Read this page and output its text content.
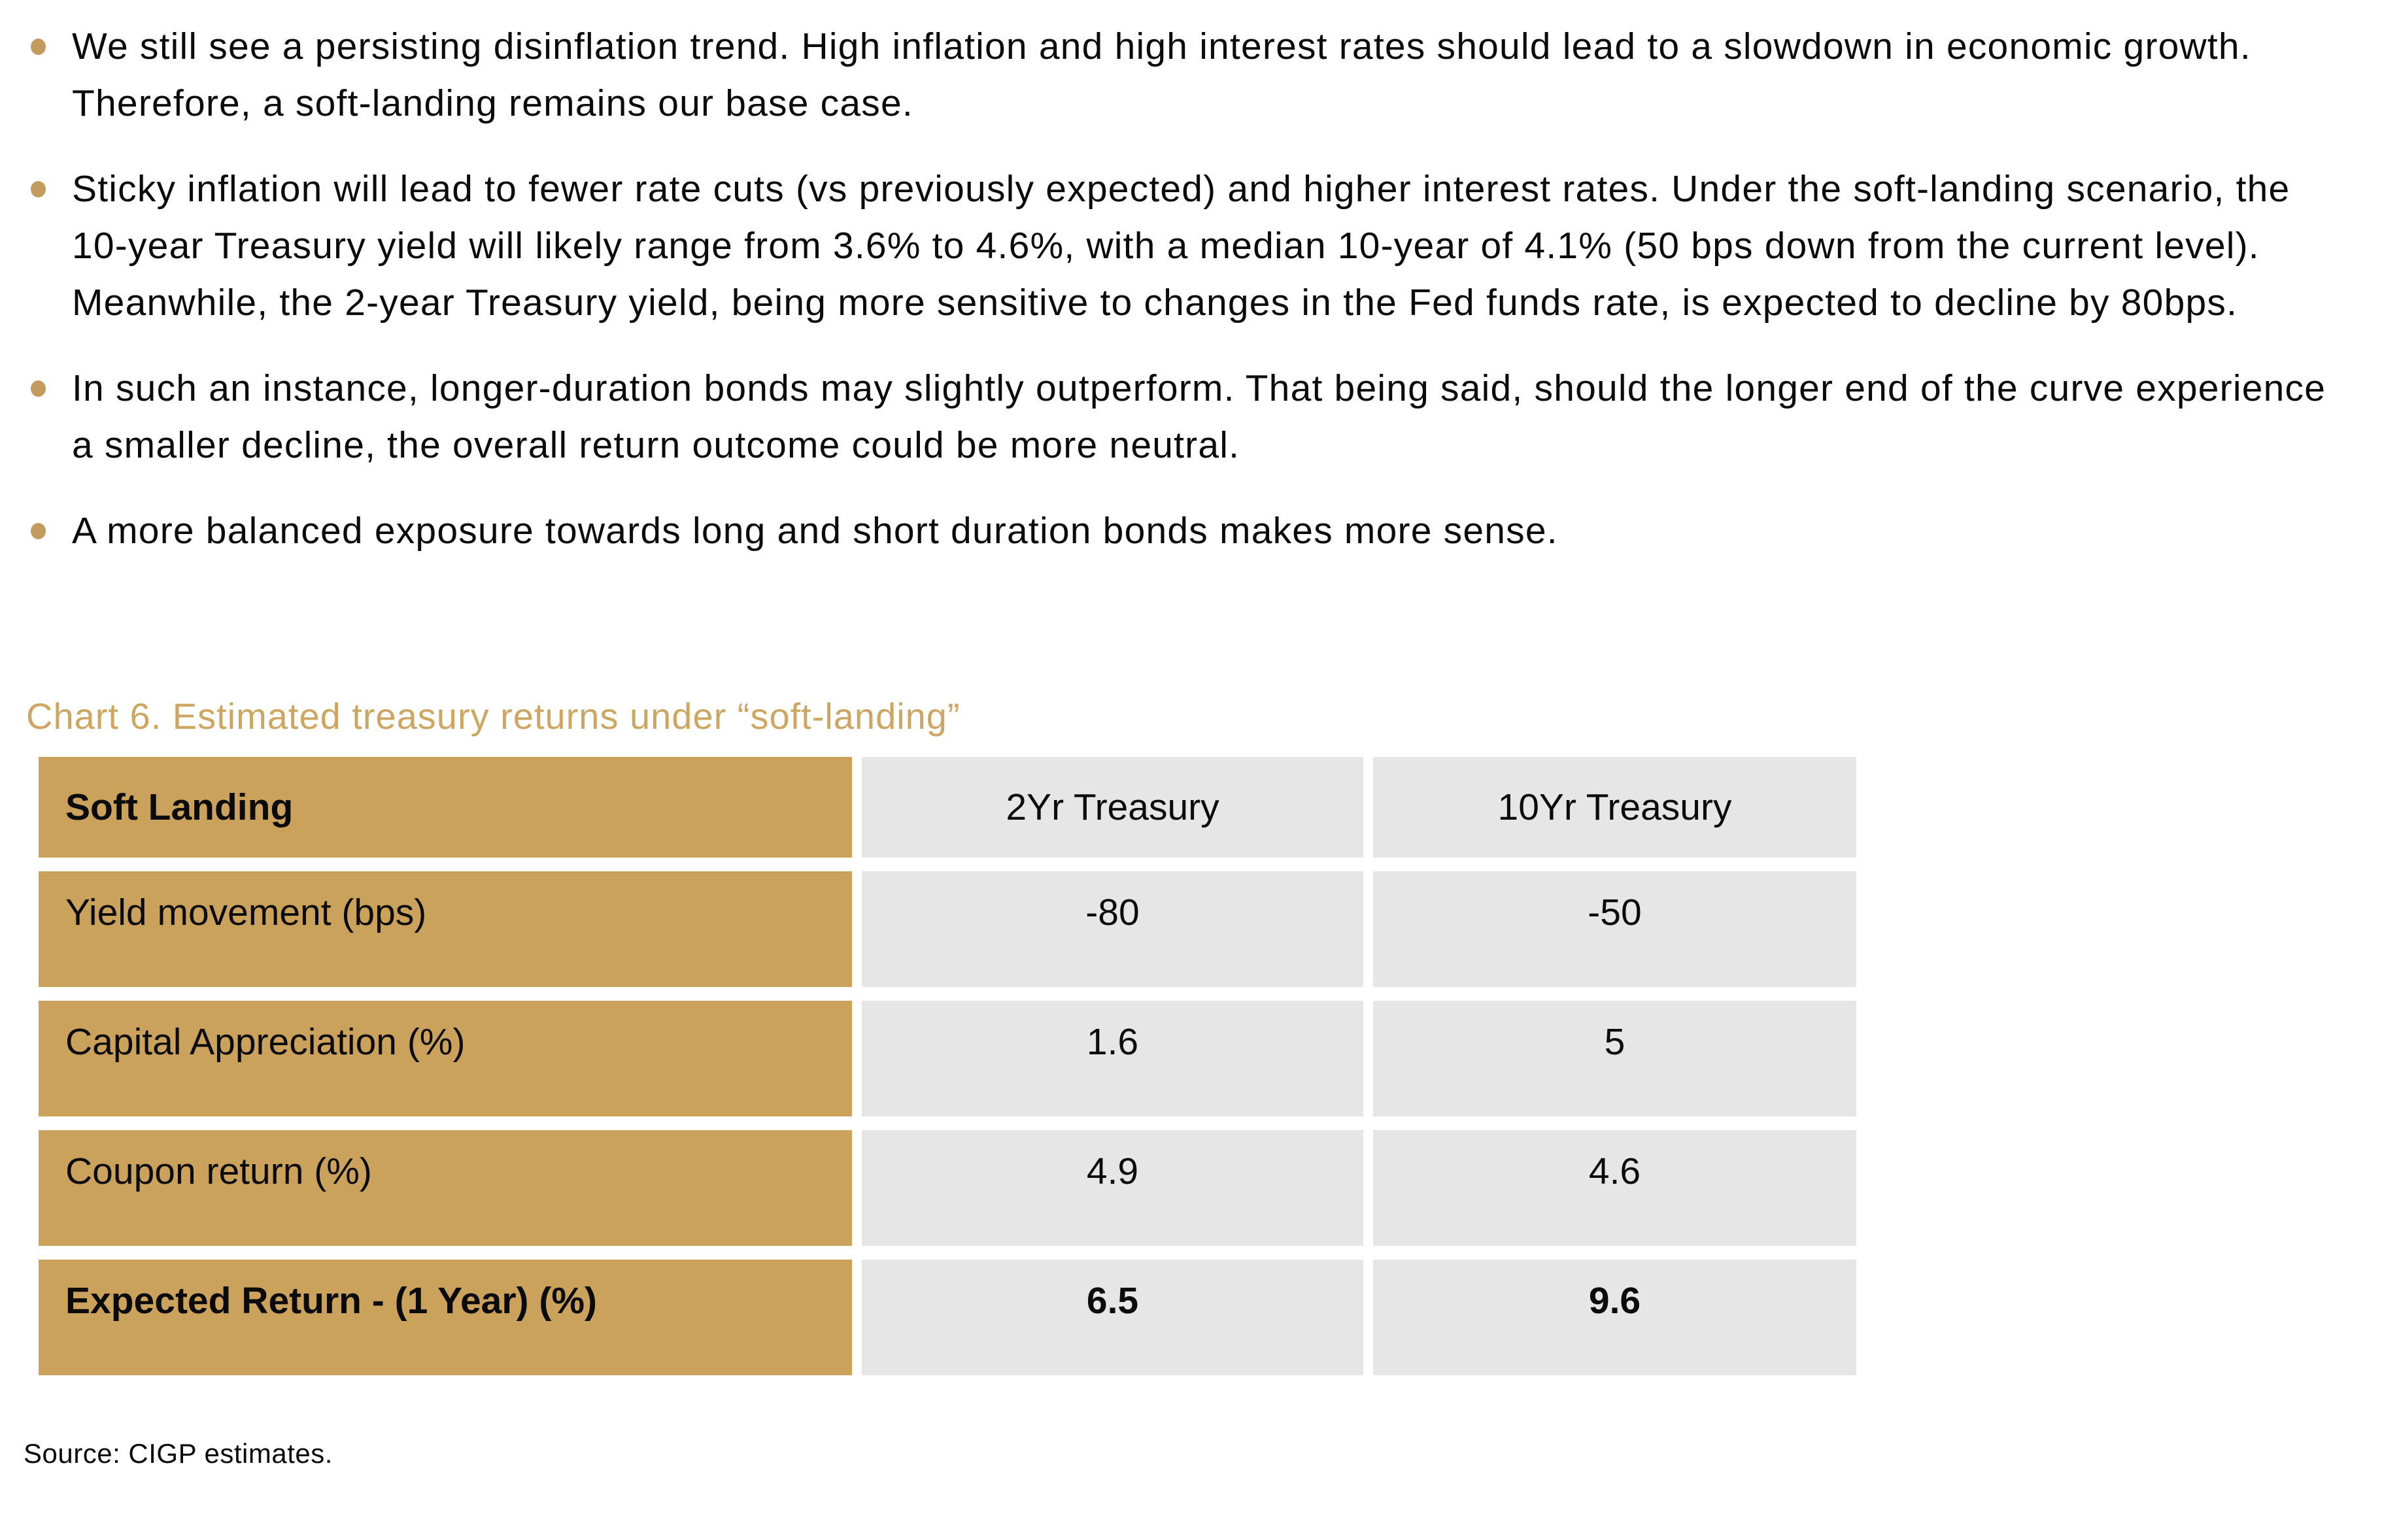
We still see a persisting disinflation trend. High inflation and high interest rates should lead to a slowdown in economic growth. Therefore, a soft-landing remains our base case.
Sticky inflation will lead to fewer rate cuts (vs previously expected) and higher interest rates. Under the soft-landing scenario, the 10-year Treasury yield will likely range from 3.6% to 4.6%, with a median 10-year of 4.1% (50 bps down from the current level). Meanwhile, the 2-year Treasury yield, being more sensitive to changes in the Fed funds rate, is expected to decline by 80bps.
In such an instance, longer-duration bonds may slightly outperform. That being said, should the longer end of the curve experience a smaller decline, the overall return outcome could be more neutral.
A more balanced exposure towards long and short duration bonds makes more sense.
Chart 6. Estimated treasury returns under “soft-landing”
Soft Landing	2Yr Treasury	10Yr Treasury
Yield movement (bps)	-80	-50
Capital Appreciation (%)	1.6	5
Coupon return (%)	4.9	4.6
Expected Return - (1 Year) (%)	6.5	9.6
Source: CIGP estimates.
